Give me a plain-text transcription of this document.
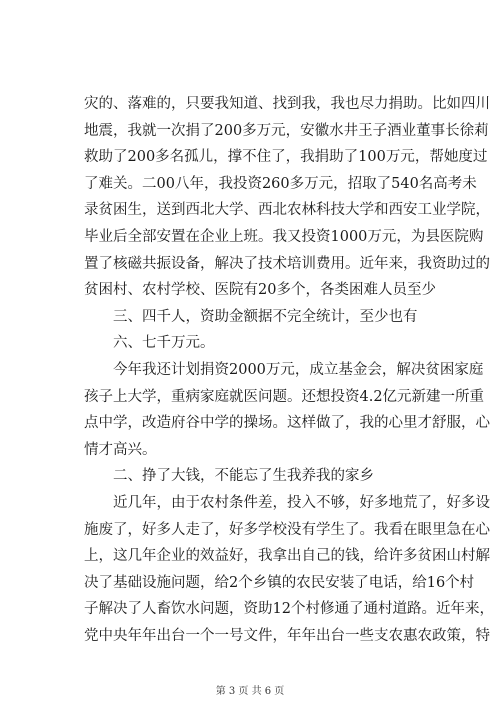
灾的、落难的，只要我知道、找到我，我也尽力捐助。比如四川
地震，我就一次捐了200多万元，安徽水井王子酒业董事长徐莉
救助了200多名孤儿，撑不住了，我捐助了100万元，帮她度过
了难关。二00八年，我投资260多万元，招取了540名高考未
录贫困生，送到西北大学、西北农林科技大学和西安工业学院，
毕业后全部安置在企业上班。我又投资1000万元，为县医院购
置了核磁共振设备，解决了技术培训费用。近年来，我资助过的
贫困村、农村学校、医院有20多个，各类困难人员至少
三、四千人，资助金额据不完全统计，至少也有
六、七千万元。
今年我还计划捐资2000万元，成立基金会，解决贫困家庭
孩子上大学，重病家庭就医问题。还想投资4.2亿元新建一所重
点中学，改造府谷中学的操场。这样做了，我的心里才舒服，心
情才高兴。
二、挣了大钱，不能忘了生我养我的家乡
近几年，由于农村条件差，投入不够，好多地荒了，好多设
施废了，好多人走了，好多学校没有学生了。我看在眼里急在心
上，这几年企业的效益好，我拿出自己的钱，给许多贫困山村解
决了基础设施问题，给2个乡镇的农民安装了电话，给16个村
子解决了人畜饮水问题，资助12个村修通了通村道路。近年来，
党中央年年出台一个一号文件，年年出台一些支农惠农政策，特
第 3 页 共 6 页
